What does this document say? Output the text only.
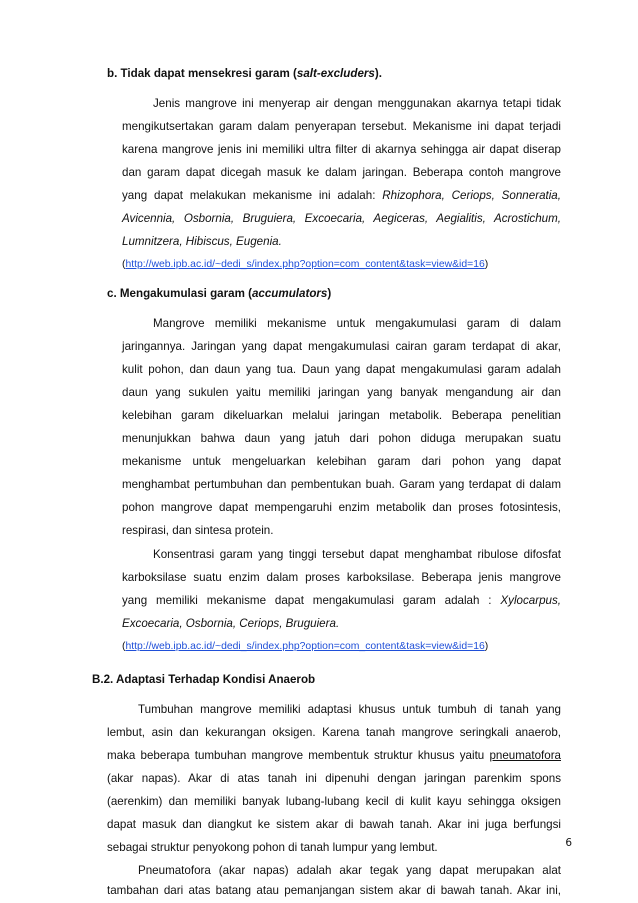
b. Tidak dapat mensekresi garam (salt-excluders).
Jenis mangrove ini menyerap air dengan menggunakan akarnya tetapi tidak
mengikutsertakan garam dalam penyerapan tersebut. Mekanisme ini dapat terjadi
karena mangrove jenis ini memiliki ultra filter di akarnya sehingga air dapat diserap
dan garam dapat dicegah masuk ke dalam jaringan. Beberapa contoh mangrove
yang dapat melakukan mekanisme ini adalah: Rhizophora, Ceriops, Sonneratia,
Avicennia, Osbornia, Bruguiera, Excoecaria, Aegiceras, Aegialitis, Acrostichum,
Lumnitzera, Hibiscus, Eugenia.
(http://web.ipb.ac.id/~dedi_s/index.php?option=com_content&task=view&id=16)
c. Mengakumulasi garam (accumulators)
Mangrove memiliki mekanisme untuk mengakumulasi garam di dalam
jaringannya. Jaringan yang dapat mengakumulasi cairan garam terdapat di akar,
kulit pohon, dan daun yang tua. Daun yang dapat mengakumulasi garam adalah
daun yang sukulen yaitu memiliki jaringan yang banyak mengandung air dan
kelebihan garam dikeluarkan melalui jaringan metabolik. Beberapa penelitian
menunjukkan bahwa daun yang jatuh dari pohon diduga merupakan suatu
mekanisme untuk mengeluarkan kelebihan garam dari pohon yang dapat
menghambat pertumbuhan dan pembentukan buah. Garam yang terdapat di dalam
pohon mangrove dapat mempengaruhi enzim metabolik dan proses fotosintesis,
respirasi, dan sintesa protein.
Konsentrasi garam yang tinggi tersebut dapat menghambat ribulose difosfat
karboksilase suatu enzim dalam proses karboksilase. Beberapa jenis mangrove
yang memiliki mekanisme dapat mengakumulasi garam adalah : Xylocarpus,
Excoecaria, Osbornia, Ceriops, Bruguiera.
(http://web.ipb.ac.id/~dedi_s/index.php?option=com_content&task=view&id=16)
B.2. Adaptasi Terhadap Kondisi Anaerob
Tumbuhan mangrove memiliki adaptasi khusus untuk tumbuh di tanah yang
lembut, asin dan kekurangan oksigen. Karena tanah mangrove seringkali anaerob,
maka beberapa tumbuhan mangrove membentuk struktur khusus yaitu pneumatofora
(akar napas). Akar di atas tanah ini dipenuhi dengan jaringan parenkim spons
(aerenkim) dan memiliki banyak lubang-lubang kecil di kulit kayu sehingga oksigen
dapat masuk dan diangkut ke sistem akar di bawah tanah. Akar ini juga berfungsi
sebagai struktur penyokong pohon di tanah lumpur yang lembut.
Pneumatofora (akar napas) adalah akar tegak yang dapat merupakan alat
tambahan dari atas batang atau pemanjangan sistem akar di bawah tanah. Akar ini,
6
